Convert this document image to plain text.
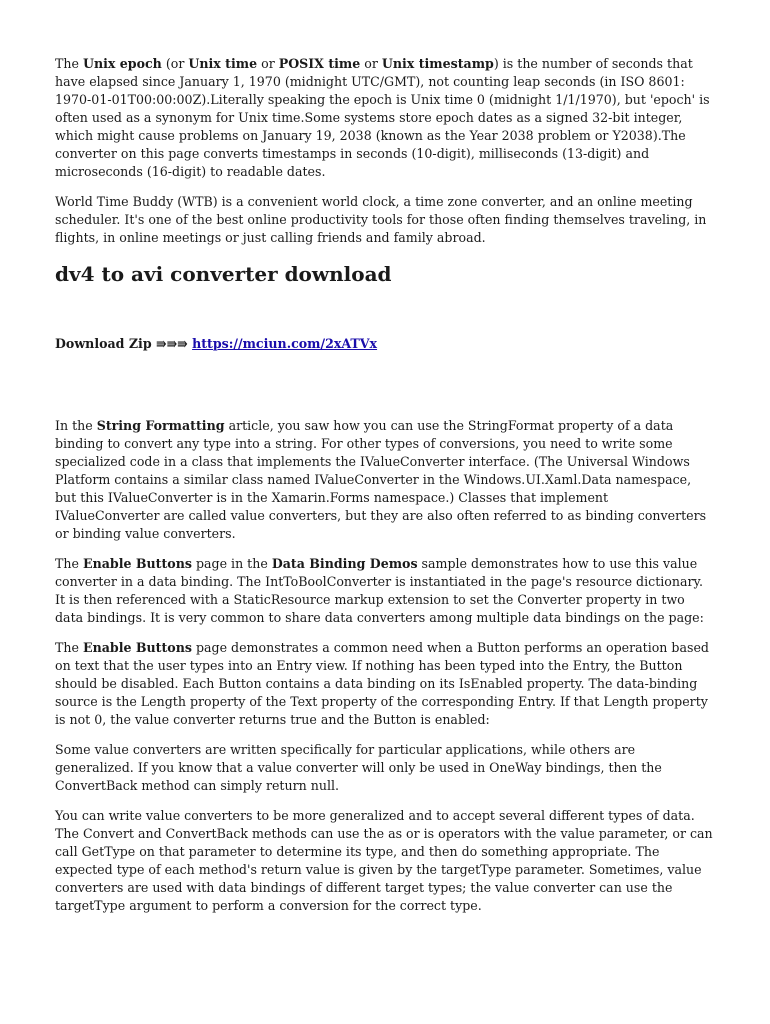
The Unix epoch (or Unix time or POSIX time or Unix timestamp) is the number of seconds that have elapsed since January 1, 1970 (midnight UTC/GMT), not counting leap seconds (in ISO 8601: 1970-01-01T00:00:00Z).Literally speaking the epoch is Unix time 0 (midnight 1/1/1970), but 'epoch' is often used as a synonym for Unix time.Some systems store epoch dates as a signed 32-bit integer, which might cause problems on January 19, 2038 (known as the Year 2038 problem or Y2038).The converter on this page converts timestamps in seconds (10-digit), milliseconds (13-digit) and microseconds (16-digit) to readable dates.

World Time Buddy (WTB) is a convenient world clock, a time zone converter, and an online meeting scheduler. It's one of the best online productivity tools for those often finding themselves traveling, in flights, in online meetings or just calling friends and family abroad.

dv4 to avi converter download

Download Zip ⇛⇛⇛ https://mciun.com/2xATVx

In the String Formatting article, you saw how you can use the StringFormat property of a data binding to convert any type into a string. For other types of conversions, you need to write some specialized code in a class that implements the IValueConverter interface. (The Universal Windows Platform contains a similar class named IValueConverter in the Windows.UI.Xaml.Data namespace, but this IValueConverter is in the Xamarin.Forms namespace.) Classes that implement IValueConverter are called value converters, but they are also often referred to as binding converters or binding value converters.

The Enable Buttons page in the Data Binding Demos sample demonstrates how to use this value converter in a data binding. The IntToBoolConverter is instantiated in the page's resource dictionary. It is then referenced with a StaticResource markup extension to set the Converter property in two data bindings. It is very common to share data converters among multiple data bindings on the page:

The Enable Buttons page demonstrates a common need when a Button performs an operation based on text that the user types into an Entry view. If nothing has been typed into the Entry, the Button should be disabled. Each Button contains a data binding on its IsEnabled property. The data-binding source is the Length property of the Text property of the corresponding Entry. If that Length property is not 0, the value converter returns true and the Button is enabled:

Some value converters are written specifically for particular applications, while others are generalized. If you know that a value converter will only be used in OneWay bindings, then the ConvertBack method can simply return null.

You can write value converters to be more generalized and to accept several different types of data. The Convert and ConvertBack methods can use the as or is operators with the value parameter, or can call GetType on that parameter to determine its type, and then do something appropriate. The expected type of each method's return value is given by the targetType parameter. Sometimes, value converters are used with data bindings of different target types; the value converter can use the targetType argument to perform a conversion for the correct type.
